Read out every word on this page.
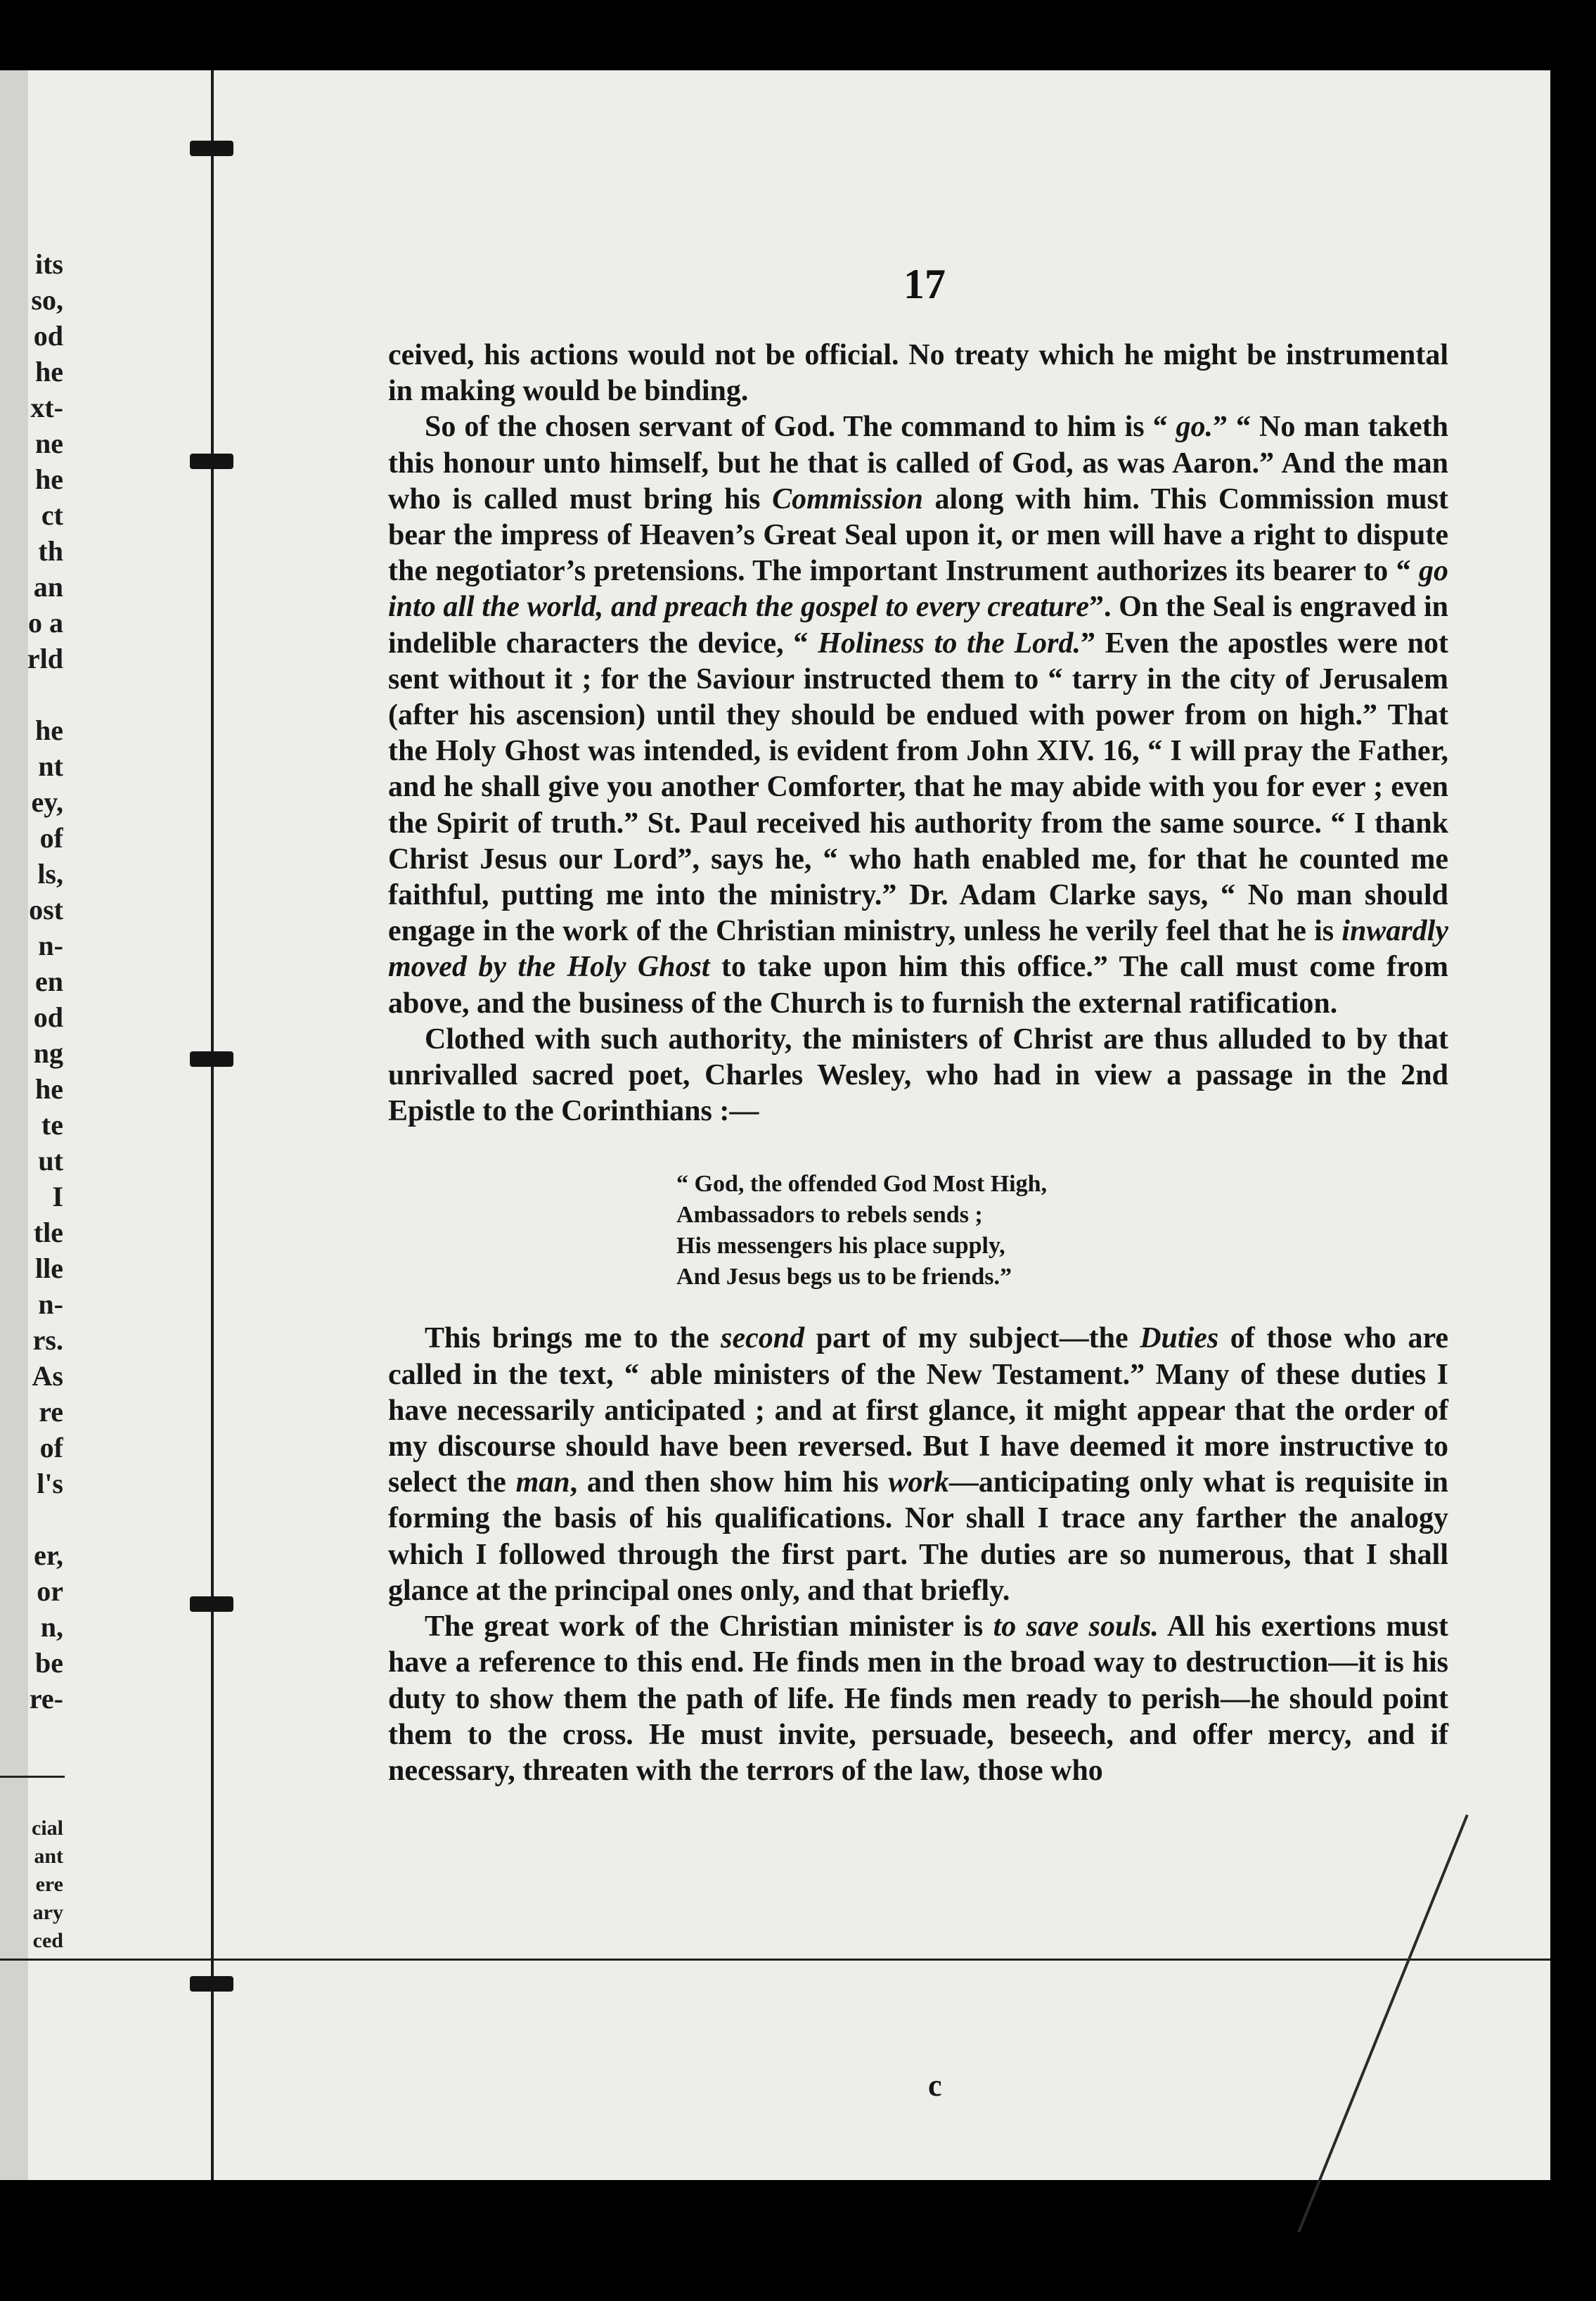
its
so,
od
he
xt-
ne
he
ct
th
an
o a
rld
he
nt
ey,
of
ls,
ost
n-
en
od
ng
he
te
ut
I
tle
lle
n-
rs.
As
re
of
l's
er,
or
n,
be
re-
cial
ant
ere
ary
ced
17

ceived, his actions would not be official. No treaty which he might be instrumental in making would be binding.

So of the chosen servant of God. The command to him is “ go.” “ No man taketh this honour unto himself, but he that is called of God, as was Aaron.” And the man who is called must bring his Commission along with him. This Commission must bear the impress of Heaven’s Great Seal upon it, or men will have a right to dispute the negotiator’s pretensions. The important Instrument authorizes its bearer to “ go into all the world, and preach the gospel to every creature”. On the Seal is engraved in indelible characters the device, “ Holiness to the Lord.” Even the apostles were not sent without it ; for the Saviour instructed them to “ tarry in the city of Jerusalem (after his ascension) until they should be endued with power from on high.” That the Holy Ghost was intended, is evident from John XIV. 16, “ I will pray the Father, and he shall give you another Comforter, that he may abide with you for ever ; even the Spirit of truth.” St. Paul received his authority from the same source. “ I thank Christ Jesus our Lord”, says he, “ who hath enabled me, for that he counted me faithful, putting me into the ministry.” Dr. Adam Clarke says, “ No man should engage in the work of the Christian ministry, unless he verily feel that he is inwardly moved by the Holy Ghost to take upon him this office.” The call must come from above, and the business of the Church is to furnish the external ratification.

Clothed with such authority, the ministers of Christ are thus alluded to by that unrivalled sacred poet, Charles Wesley, who had in view a passage in the 2nd Epistle to the Corinthians :—

“ God, the offended God Most High,
Ambassadors to rebels sends ;
His messengers his place supply,
And Jesus begs us to be friends.”

This brings me to the second part of my subject—the Duties of those who are called in the text, “ able ministers of the New Testament.” Many of these duties I have necessarily anticipated ; and at first glance, it might appear that the order of my discourse should have been reversed. But I have deemed it more instructive to select the man, and then show him his work—anticipating only what is requisite in forming the basis of his qualifications. Nor shall I trace any farther the analogy which I followed through the first part. The duties are so numerous, that I shall glance at the principal ones only, and that briefly.

The great work of the Christian minister is to save souls. All his exertions must have a reference to this end. He finds men in the broad way to destruction—it is his duty to show them the path of life. He finds men ready to perish—he should point them to the cross. He must invite, persuade, beseech, and offer mercy, and if necessary, threaten with the terrors of the law, those who

c
